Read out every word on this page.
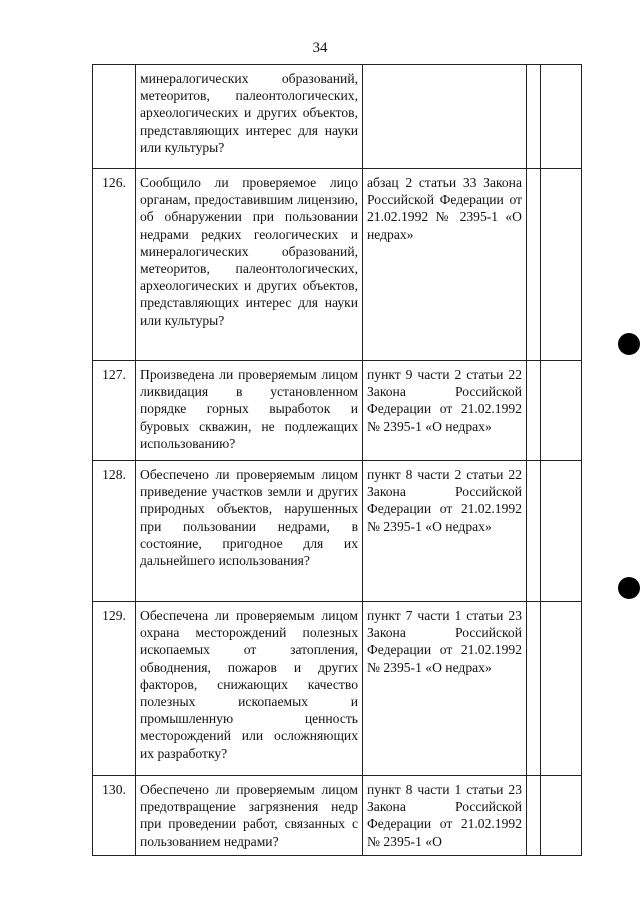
34
	минералогических образований, метеоритов, палеонтологических, археологических и других объектов, представляющих интерес для науки или культуры?			
126.	Сообщило ли проверяемое лицо органам, предоставившим лицензию, об обнаружении при пользовании недрами редких геологических и минералогических образований, метеоритов, палеонтологических, археологических и других объектов, представляющих интерес для науки или культуры?	абзац 2 статьи 33 Закона Российской Федерации от 21.02.1992 № 2395-1 «О недрах»		
127.	Произведена ли проверяемым лицом ликвидация в установленном порядке горных выработок и буровых скважин, не подлежащих использованию?	пункт 9 части 2 статьи 22 Закона Российской Федерации от 21.02.1992 № 2395-1 «О недрах»		
128.	Обеспечено ли проверяемым лицом приведение участков земли и других природных объектов, нарушенных при пользовании недрами, в состояние, пригодное для их дальнейшего использования?	пункт 8 части 2 статьи 22 Закона Российской Федерации от 21.02.1992 № 2395-1 «О недрах»		
129.	Обеспечена ли проверяемым лицом охрана месторождений полезных ископаемых от затопления, обводнения, пожаров и других факторов, снижающих качество полезных ископаемых и промышленную ценность месторождений или осложняющих их разработку?	пункт 7 части 1 статьи 23 Закона Российской Федерации от 21.02.1992 № 2395-1 «О недрах»		
130.	Обеспечено ли проверяемым лицом предотвращение загрязнения недр при проведении работ, связанных с пользованием недрами?	пункт 8 части 1 статьи 23 Закона Российской Федерации от 21.02.1992 № 2395-1 «О		
